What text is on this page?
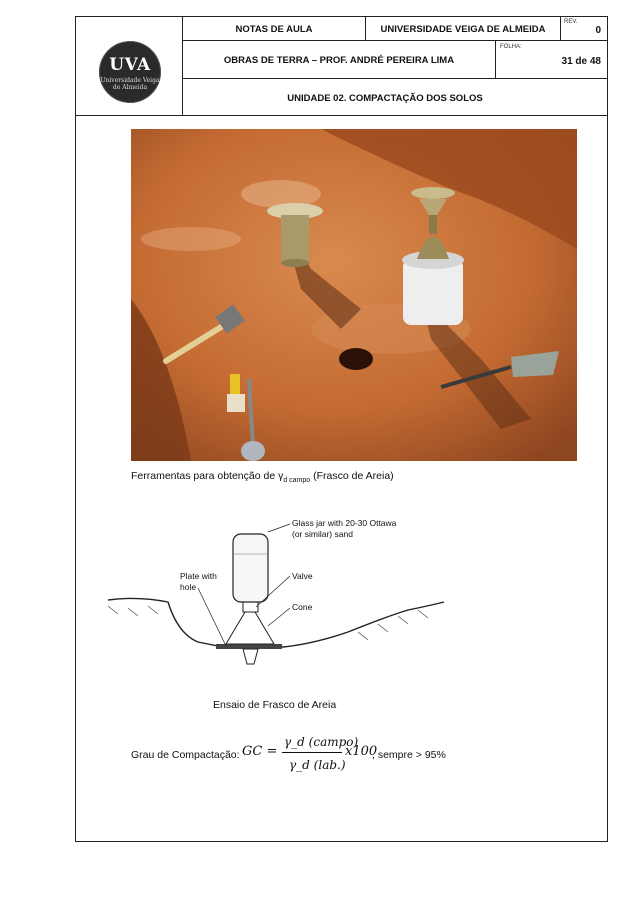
UVA
Universidade Veiga de Almeida
NOTAS DE AULA	UNIVERSIDADE VEIGA DE ALMEIDA
REV.
0
OBRAS DE TERRA – PROF. ANDRÉ PEREIRA LIMA
FOLHA:
31 de 48
UNIDADE 02. COMPACTAÇÃO DOS SOLOS
Ferramentas para obtenção de $\gamma_{d campo}$ (Frasco de Areia)
Glass jar with 20-30 Ottawa
(or similar) sand
Valve
Cone
Plate with
hole
Ensaio de Frasco de Areia
Grau de Compactação: GC =
γ_d (campo)
γ_d (lab.)
x100
, sempre > 95%
